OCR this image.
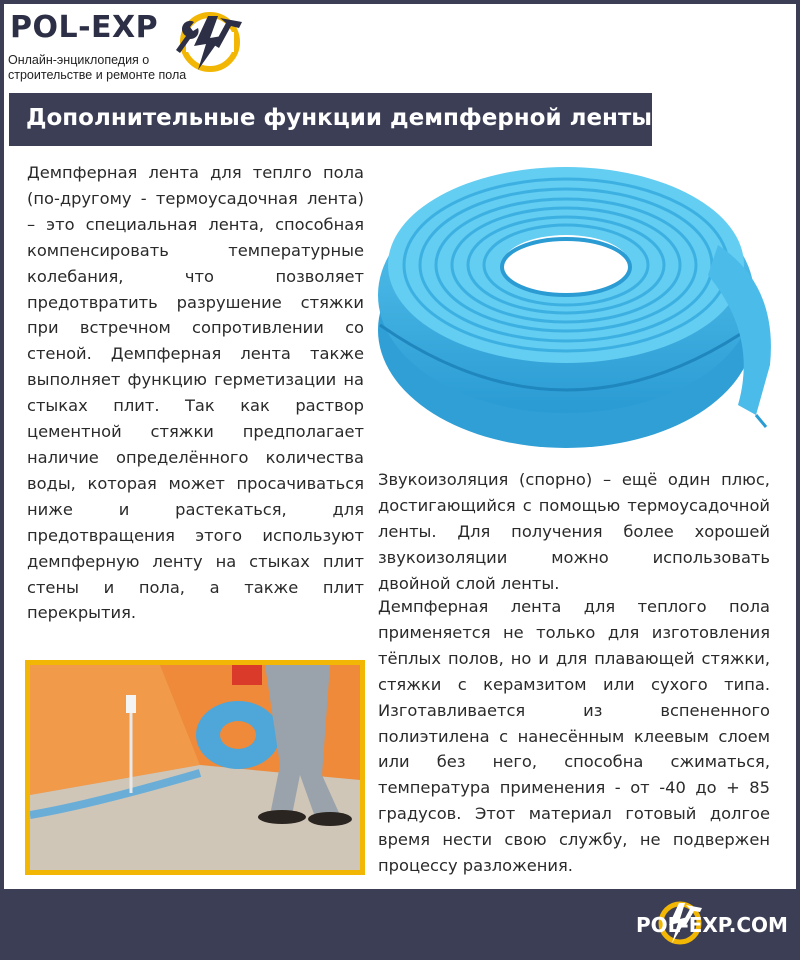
POL-EXP
Онлайн-энциклопедия о
строительстве и ремонте пола
Дополнительные функции демпферной ленты
Демпферная лента для теплго пола (по-другому - термоусадочная лента) – это специальная лента, способная компенсировать температурные колебания, что позволяет предотвратить разрушение стяжки при встречном сопротивлении со стеной. Демпферная лента также выполняет функцию герметизации на стыках плит. Так как раствор цементной стяжки предполагает наличие определённого количества воды, которая может просачиваться ниже и растекаться, для предотвращения этого используют демпферную ленту на стыках плит стены и пола, а также плит перекрытия.
Звукоизоляция (спорно) – ещё один плюс, достигающийся с помощью термоусадочной ленты. Для получения более хорошей звукоизоляции можно использовать двойной слой ленты.
Демпферная лента для теплого пола применяется не только для изготовления тёплых полов, но и для плавающей стяжки, стяжки с керамзитом или сухого типа. Изготавливается из вспененного полиэтилена с нанесённым клеевым слоем или без него, способна сжиматься, температура применения - от -40 до + 85 градусов. Этот материал готовый долгое время нести свою службу, не подвержен процессу разложения.
POL-EXP.COM
